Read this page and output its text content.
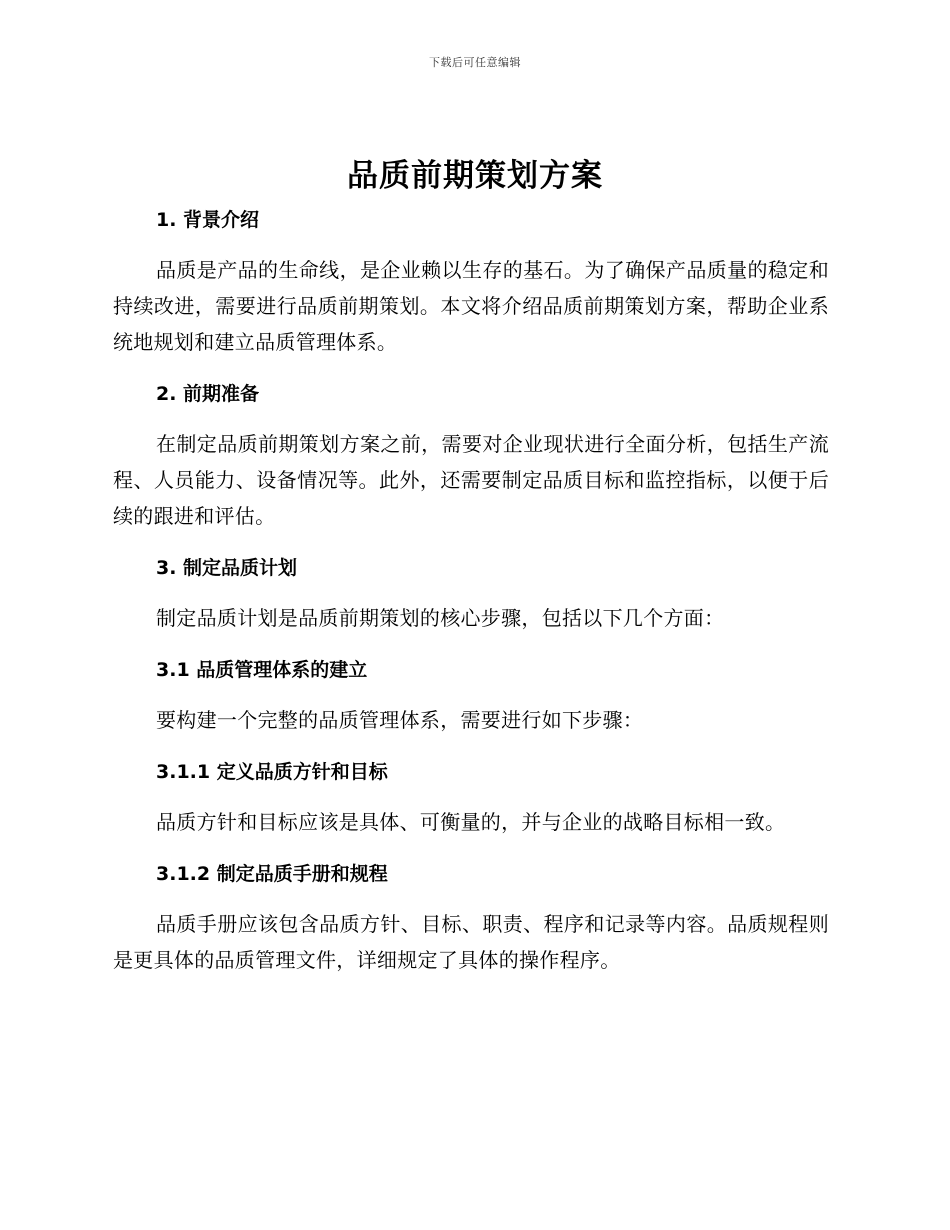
下载后可任意编辑
品质前期策划方案
1. 背景介绍
品质是产品的生命线，是企业赖以生存的基石。为了确保产品质量的稳定和持续改进，需要进行品质前期策划。本文将介绍品质前期策划方案，帮助企业系统地规划和建立品质管理体系。
2. 前期准备
在制定品质前期策划方案之前，需要对企业现状进行全面分析，包括生产流程、人员能力、设备情况等。此外，还需要制定品质目标和监控指标，以便于后续的跟进和评估。
3. 制定品质计划
制定品质计划是品质前期策划的核心步骤，包括以下几个方面：
3.1 品质管理体系的建立
要构建一个完整的品质管理体系，需要进行如下步骤：
3.1.1 定义品质方针和目标
品质方针和目标应该是具体、可衡量的，并与企业的战略目标相一致。
3.1.2 制定品质手册和规程
品质手册应该包含品质方针、目标、职责、程序和记录等内容。品质规程则是更具体的品质管理文件，详细规定了具体的操作程序。
